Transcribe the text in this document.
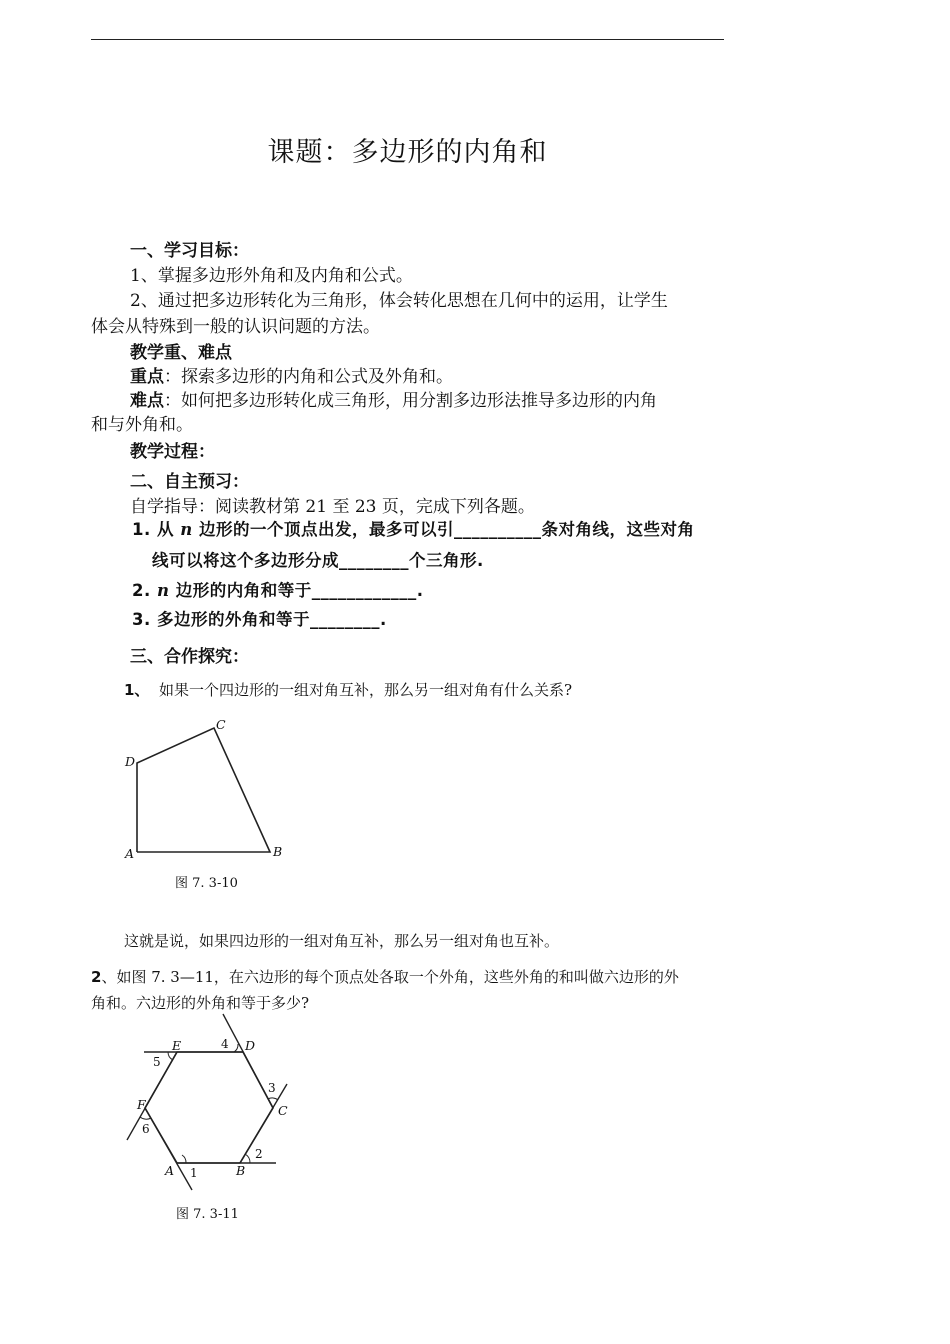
课题：多边形的内角和
一、学习目标：
1、掌握多边形外角和及内角和公式。
2、通过把多边形转化为三角形，体会转化思想在几何中的运用，让学生
体会从特殊到一般的认识问题的方法。
教学重、难点
重点：探索多边形的内角和公式及外角和。
难点：如何把多边形转化成三角形，用分割多边形法推导多边形的内角
和与外角和。
教学过程：
二、自主预习：
自学指导：阅读教材第 21 至 23 页，完成下列各题。
1. 从 n 边形的一个顶点出发，最多可以引__________条对角线，这些对角
线可以将这个多边形分成________个三角形.
2. n 边形的内角和等于____________.
3. 多边形的外角和等于________.
三、合作探究：
1、 如果一个四边形的一组对角互补，那么另一组对角有什么关系?
A	B
C
D
图 7. 3-10
这就是说，如果四边形的一组对角互补，那么另一组对角也互补。
2、如图 7. 3—11，在六边形的每个顶点处各取一个外角，这些外角的和叫做六边形的外
角和。六边形的外角和等于多少?
A	B
C
D
E
F
1
2
3
4
5
6
图 7. 3-11
